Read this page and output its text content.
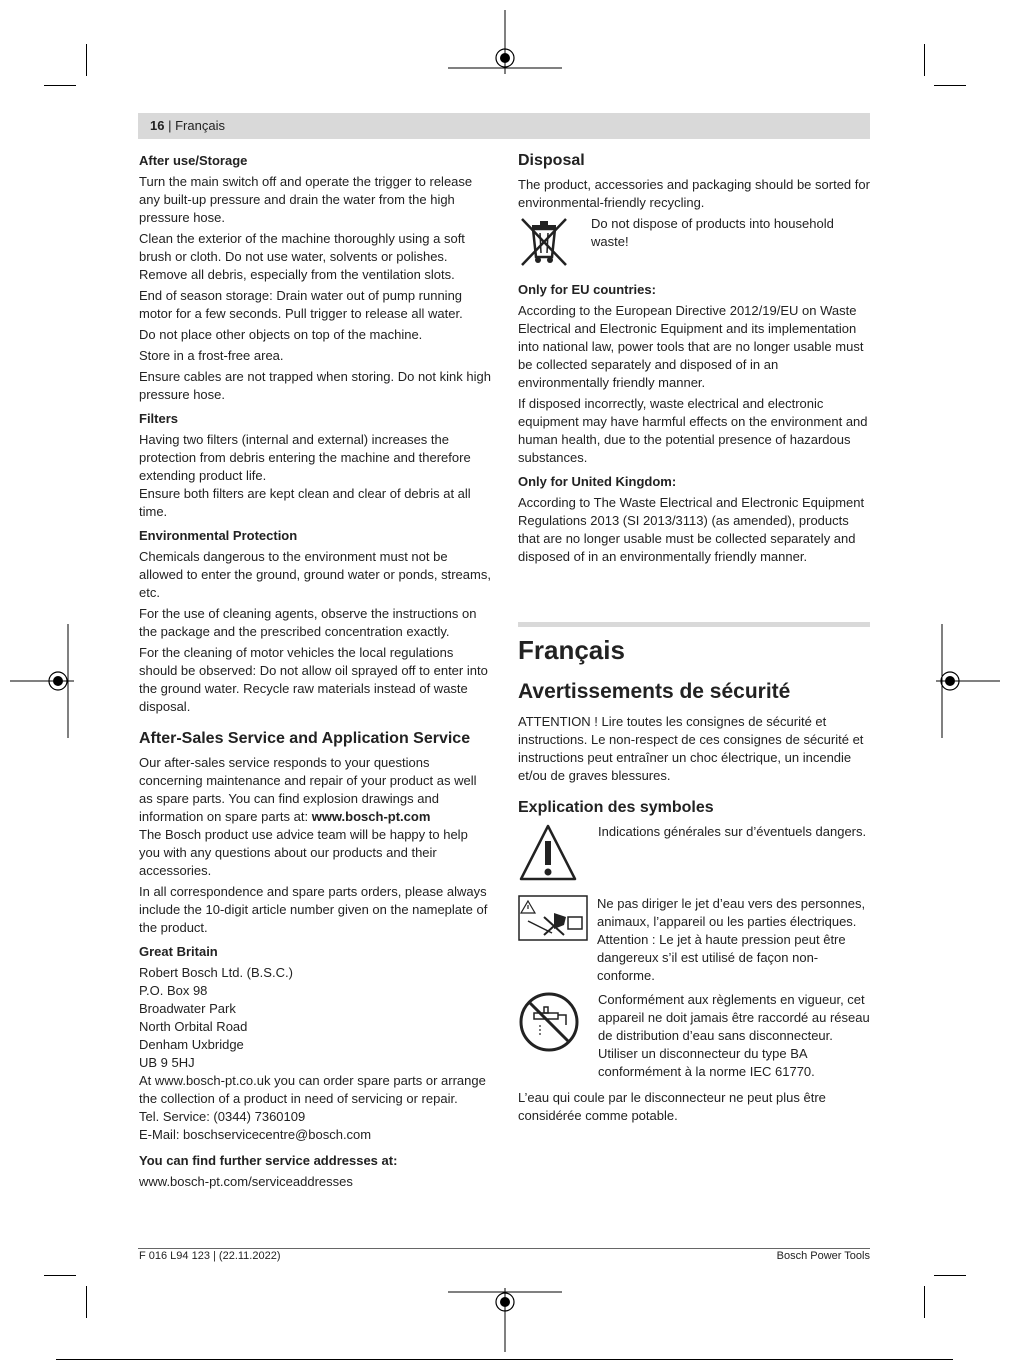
16 | Français
After use/Storage

Turn the main switch off and operate the trigger to release any built-up pressure and drain the water from the high pressure hose.

Clean the exterior of the machine thoroughly using a soft brush or cloth. Do not use water, solvents or polishes. Remove all debris, especially from the ventilation slots.

End of season storage: Drain water out of pump running motor for a few seconds. Pull trigger to release all water.

Do not place other objects on top of the machine.

Store in a frost-free area.

Ensure cables are not trapped when storing. Do not kink high pressure hose.

Filters

Having two filters (internal and external) increases the protection from debris entering the machine and therefore extending product life.

Ensure both filters are kept clean and clear of debris at all time.

Environmental Protection

Chemicals dangerous to the environment must not be allowed to enter the ground, ground water or ponds, streams, etc.

For the use of cleaning agents, observe the instructions on the package and the prescribed concentration exactly.

For the cleaning of motor vehicles the local regulations should be observed: Do not allow oil sprayed off to enter into the ground water. Recycle raw materials instead of waste disposal.

After-Sales Service and Application Service

Our after-sales service responds to your questions concerning maintenance and repair of your product as well as spare parts. You can find explosion drawings and information on spare parts at: www.bosch-pt.com

The Bosch product use advice team will be happy to help you with any questions about our products and their accessories.

In all correspondence and spare parts orders, please always include the 10-digit article number given on the nameplate of the product.

Great Britain
Robert Bosch Ltd. (B.S.C.)
P.O. Box 98
Broadwater Park
North Orbital Road
Denham Uxbridge
UB 9 5HJ
At www.bosch-pt.co.uk you can order spare parts or arrange the collection of a product in need of servicing or repair.
Tel. Service: (0344) 7360109
E-Mail: boschservicecentre@bosch.com
You can find further service addresses at:

www.bosch-pt.com/serviceaddresses

Disposal

The product, accessories and packaging should be sorted for environmental-friendly recycling.

Do not dispose of products into household waste!
Only for EU countries:

According to the European Directive 2012/19/EU on Waste Electrical and Electronic Equipment and its implementation into national law, power tools that are no longer usable must be collected separately and disposed of in an environmentally friendly manner.

If disposed incorrectly, waste electrical and electronic equipment may have harmful effects on the environment and human health, due to the potential presence of hazardous substances.

Only for United Kingdom:

According to The Waste Electrical and Electronic Equipment Regulations 2013 (SI 2013/3113) (as amended), products that are no longer usable must be collected separately and disposed of in an environmentally friendly manner.

Français
Avertissements de sécurité

ATTENTION ! Lire toutes les consignes de sécurité et instructions. Le non-respect de ces consignes de sécurité et instructions peut entraîner un choc électrique, un incendie et/ou de graves blessures.

Explication des symboles
Indications générales sur d’éventuels dangers.
Ne pas diriger le jet d’eau vers des personnes, animaux, l’appareil ou les parties électriques. Attention : Le jet à haute pression peut être dangereux s’il est utilisé de façon non-conforme.
Conformément aux règlements en vigueur, cet appareil ne doit jamais être raccordé au réseau de distribution d’eau sans disconnecteur. Utiliser un disconnecteur du type BA conformément à la norme IEC 61770.

L’eau qui coule par le disconnecteur ne peut plus être considérée comme potable.

F 016 L94 123 | (22.11.2022)	Bosch Power Tools
